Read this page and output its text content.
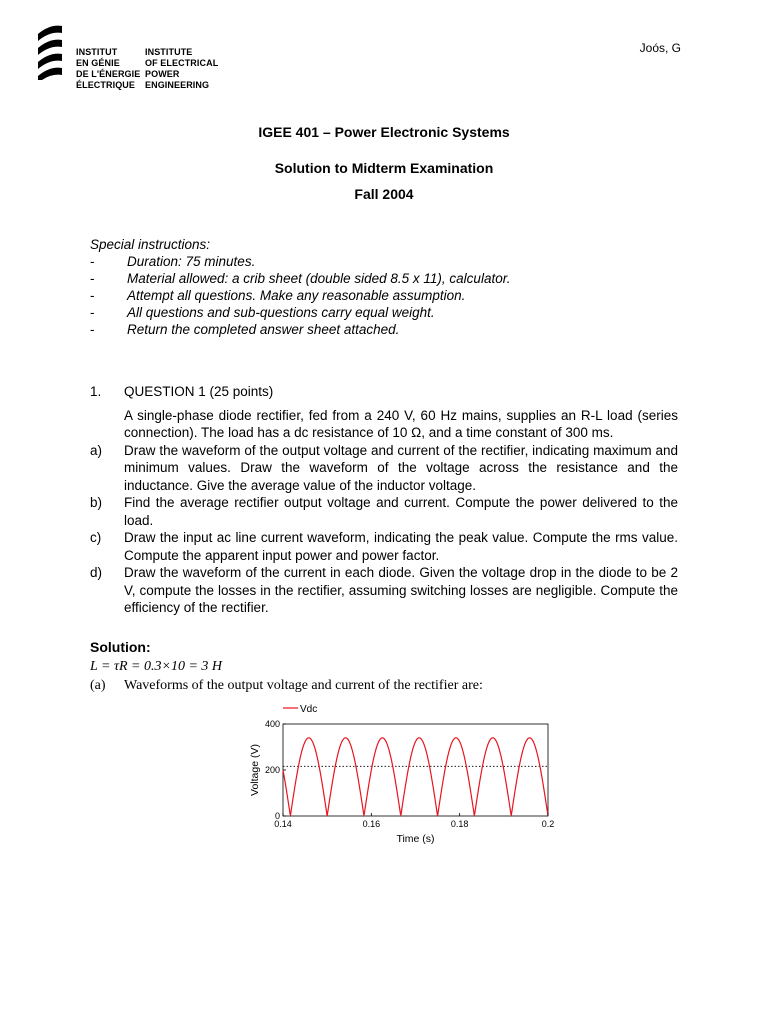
INSTITUT
EN GÉNIE
DE L'ÉNERGIE
ÉLECTRIQUE
INSTITUTE
OF ELECTRICAL
POWER
ENGINEERING
Joós, G
IGEE 401 – Power Electronic Systems
Solution to Midterm Examination
Fall 2004
Special instructions:
- Duration: 75 minutes.
- Material allowed: a crib sheet (double sided 8.5 x 11), calculator.
- Attempt all questions. Make any reasonable assumption.
- All questions and sub-questions carry equal weight.
- Return the completed answer sheet attached.
1. QUESTION 1 (25 points)
A single-phase diode rectifier, fed from a 240 V, 60 Hz mains, supplies an R-L load (series connection). The load has a dc resistance of 10 Ω, and a time constant of 300 ms.
a) Draw the waveform of the output voltage and current of the rectifier, indicating maximum and minimum values. Draw the waveform of the voltage across the resistance and the inductance. Give the average value of the inductor voltage.
b) Find the average rectifier output voltage and current. Compute the power delivered to the load.
c) Draw the input ac line current waveform, indicating the peak value. Compute the rms value. Compute the apparent input power and power factor.
d) Draw the waveform of the current in each diode. Given the voltage drop in the diode to be 2 V, compute the losses in the rectifier, assuming switching losses are negligible. Compute the efficiency of the rectifier.
Solution:
L = τR = 0.3×10 = 3 H
(a) Waveforms of the output voltage and current of the rectifier are:
0.14	0.16	0.18	0.2
0
200
400
Time (s)
Voltage (V)
Vdc
